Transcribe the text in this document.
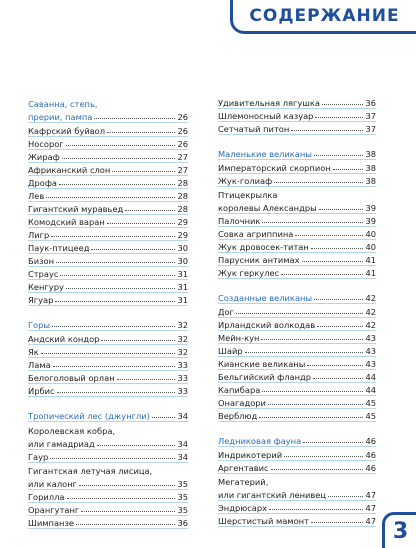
СОДЕРЖАНИЕ
Саванна, степь,
прерии, пампа	26
Кафрский буйвол	26
Носорог	26
Жираф	27
Африканский слон	27
Дрофа	28
Лев	28
Гигантский муравьед	28
Комодский варан	29
Лигр	29
Паук-птицеед	30
Бизон	30
Страус	31
Кенгуру	31
Ягуар	31
Горы	32
Андский кондор	32
Як	32
Лама	33
Белоголовый орлан	33
Ирбис	33
Тропический лес (джунгли)	34
Королевская кобра,
или гамадриад	34
Гаур	34
Гигантская летучая лисица,
или калонг	35
Горилла	35
Орангутанг	35
Шимпанзе	36
Удивительная лягушка	36
Шлемоносный казуар	37
Сетчатый питон	37
Маленькие великаны	38
Императорский скорпион	38
Жук-голиаф	38
Птицекрылка
королевы Александры	39
Палочник	39
Совка агриппина	40
Жук дровосек-титан	40
Парусник антимах	41
Жук геркулес	41
Созданные великаны	42
Дог	42
Ирландский волкодав	42
Мейн-кун	43
Шайр	43
Кианские великаны	43
Бельгийский фландр	44
Капибара	44
Онагадори	45
Верблюд	45
Ледниковая фауна	46
Индрикотерий	46
Аргентавис	46
Мегатерий,
или гигантский ленивец	47
Эндрюсарх	47
Шерстистый мамонт	47 3
